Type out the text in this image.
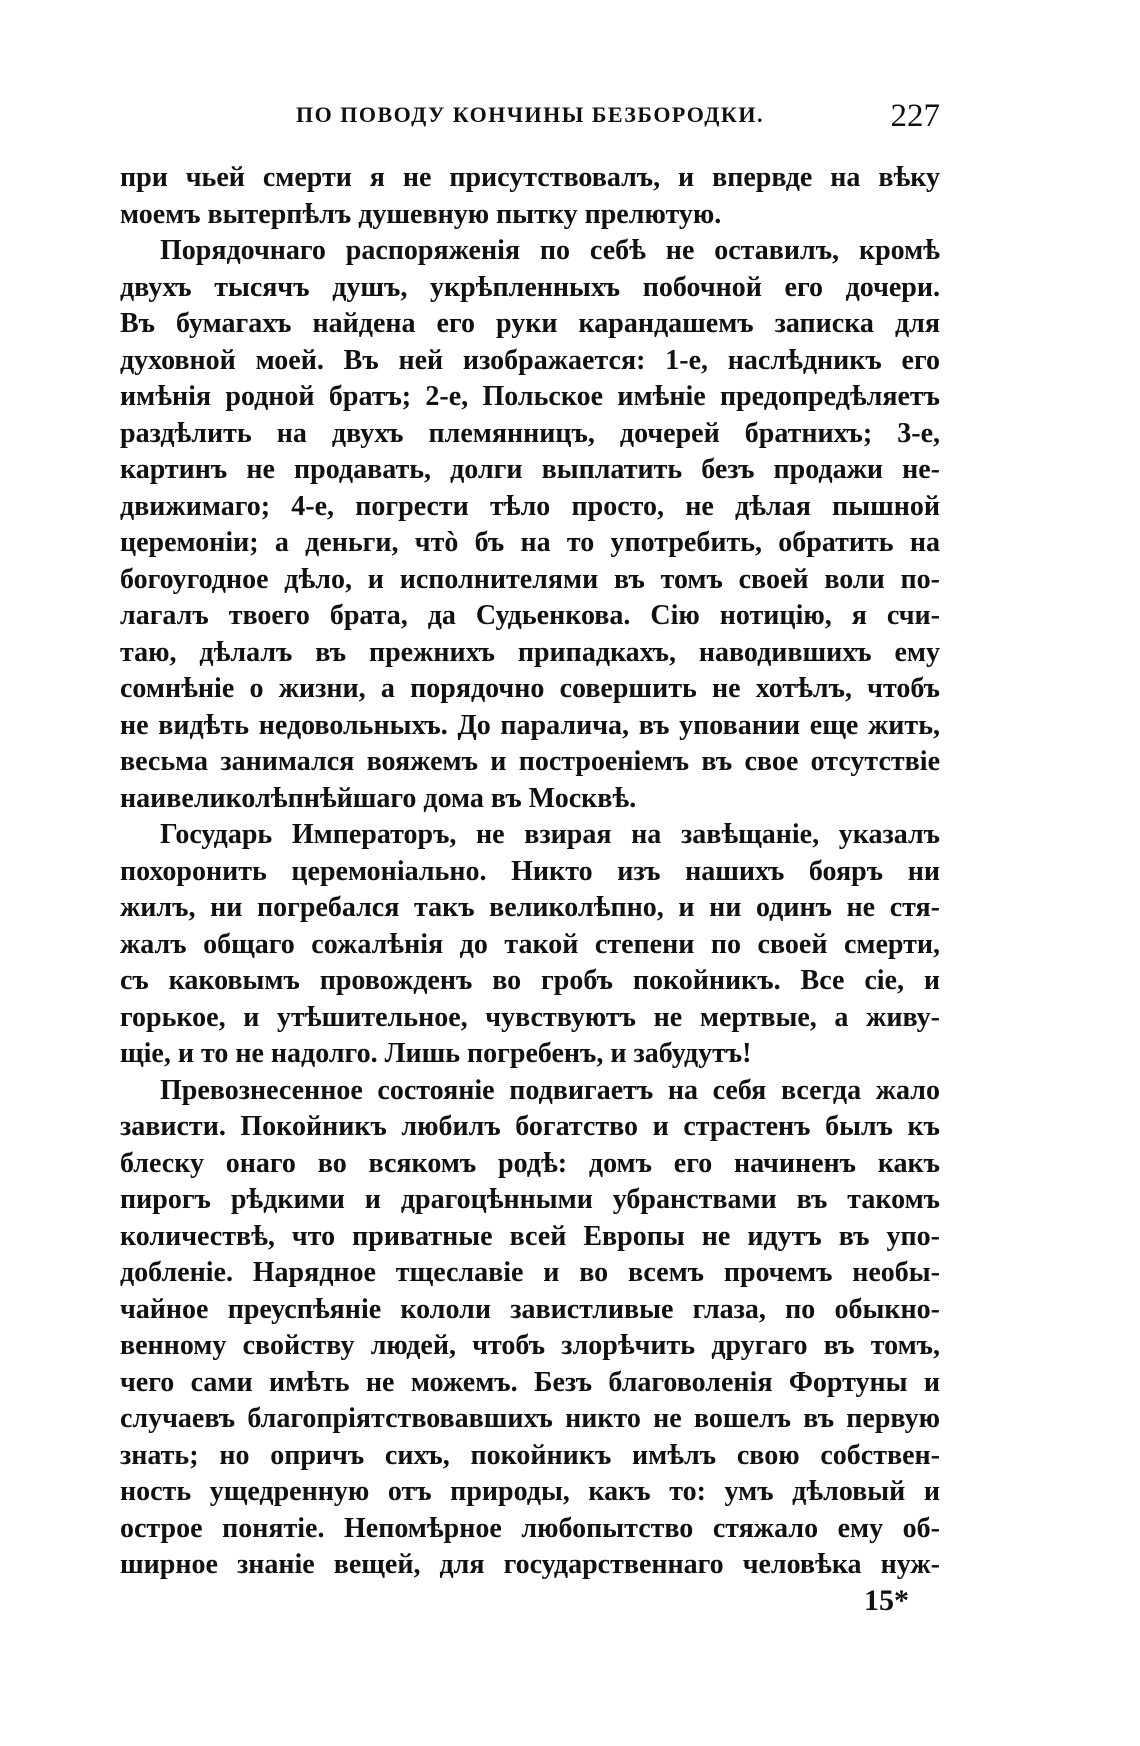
ПО ПОВОДУ КОНЧИНЫ БЕЗБОРОДКИ.	227

при чьей смерти я не присутствовалъ, и впервде на вѣку

моемъ вытерпѣлъ душевную пытку прелютую.

Порядочнаго распоряженія по себѣ не оставилъ, кромѣ

двухъ тысячъ душъ, укрѣпленныхъ побочной его дочери.

Въ бумагахъ найдена его руки карандашемъ записка для

духовной моей. Въ ней изображается: 1-е, наслѣдникъ его

имѣнія родной братъ; 2-е, Польское имѣніе предопредѣляетъ

раздѣлить на двухъ племянницъ, дочерей братнихъ; 3-е,

картинъ не продавать, долги выплатить безъ продажи не-

движимаго; 4-е, погрести тѣло просто, не дѣлая пышной

церемоніи; а деньги, чтò бъ на то употребить, обратить на

богоугодное дѣло, и исполнителями въ томъ своей воли по-

лагалъ твоего брата, да Судьенкова. Сію нотицію, я счи-

таю, дѣлалъ въ прежнихъ припадкахъ, наводившихъ ему

сомнѣніе о жизни, а порядочно совершить не хотѣлъ, чтобъ

не видѣть недовольныхъ. До паралича, въ уповании еще жить,

весьма занимался вояжемъ и построеніемъ въ свое отсутствіе

наивеликолѣпнѣйшаго дома въ Москвѣ.

Государь Императоръ, не взирая на завѣщаніе, указалъ

похоронить церемоніально. Никто изъ нашихъ бояръ ни

жилъ, ни погребался такъ великолѣпно, и ни одинъ не стя-

жалъ общаго сожалѣнія до такой степени по своей смерти,

съ каковымъ провожденъ во гробъ покойникъ. Все сіе, и

горькое, и утѣшительное, чувствуютъ не мертвые, а живу-

щіе, и то не надолго. Лишь погребенъ, и забудутъ!

Превознесенное состояніе подвигаетъ на себя всегда жало

зависти. Покойникъ любилъ богатство и страстенъ былъ къ

блеску онаго во всякомъ родѣ: домъ его начиненъ какъ

пирогъ рѣдкими и драгоцѣнными убранствами въ такомъ

количествѣ, что приватные всей Европы не идутъ въ упо-

добленіе. Нарядное тщеславіе и во всемъ прочемъ необы-

чайное преуспѣяніе кололи завистливые глаза, по обыкно-

венному свойству людей, чтобъ злорѣчить другаго въ томъ,

чего сами имѣть не можемъ. Безъ благоволенія Фортуны и

случаевъ благопріятствовавшихъ никто не вошелъ въ первую

знать; но опричъ сихъ, покойникъ имѣлъ свою собствен-

ность ущедренную отъ природы, какъ то: умъ дѣловый и

острое понятіе. Непомѣрное любопытство стяжало ему об-

ширное знаніе вещей, для государственнаго человѣка нуж-

15*
